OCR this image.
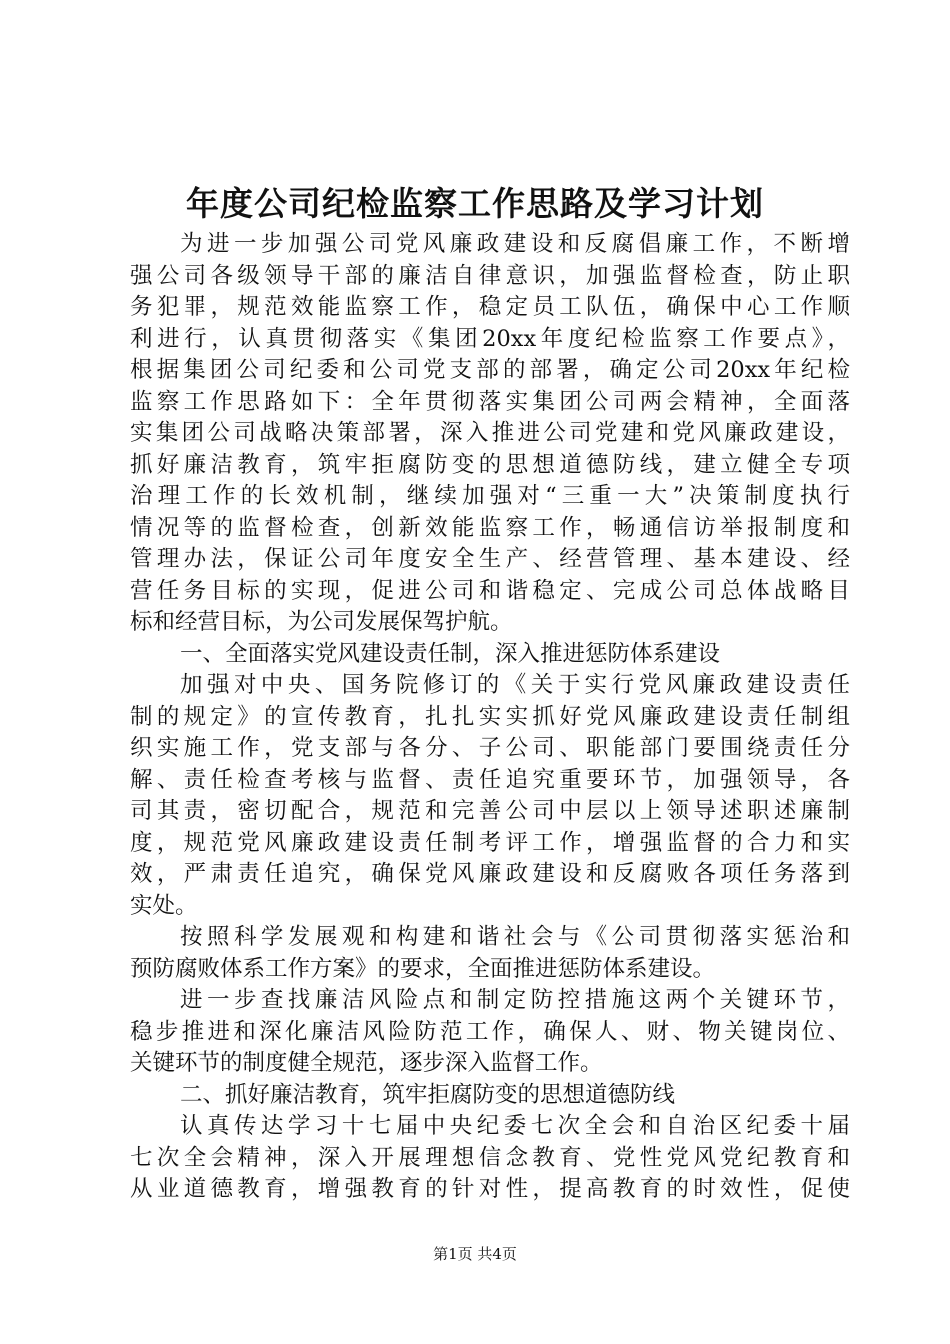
年度公司纪检监察工作思路及学习计划
为进一步加强公司党风廉政建设和反腐倡廉工作，不断增
强公司各级领导干部的廉洁自律意识，加强监督检查，防止职
务犯罪，规范效能监察工作，稳定员工队伍，确保中心工作顺
利进行，认真贯彻落实《集团20xx年度纪检监察工作要点》，
根据集团公司纪委和公司党支部的部署，确定公司20xx年纪检
监察工作思路如下：全年贯彻落实集团公司两会精神，全面落
实集团公司战略决策部署，深入推进公司党建和党风廉政建设，
抓好廉洁教育，筑牢拒腐防变的思想道德防线，建立健全专项
治理工作的长效机制，继续加强对“三重一大”决策制度执行
情况等的监督检查，创新效能监察工作，畅通信访举报制度和
管理办法，保证公司年度安全生产、经营管理、基本建设、经
营任务目标的实现，促进公司和谐稳定、完成公司总体战略目
标和经营目标，为公司发展保驾护航。
一、全面落实党风建设责任制，深入推进惩防体系建设
加强对中央、国务院修订的《关于实行党风廉政建设责任
制的规定》的宣传教育，扎扎实实抓好党风廉政建设责任制组
织实施工作，党支部与各分、子公司、职能部门要围绕责任分
解、责任检查考核与监督、责任追究重要环节，加强领导，各
司其责，密切配合，规范和完善公司中层以上领导述职述廉制
度，规范党风廉政建设责任制考评工作，增强监督的合力和实
效，严肃责任追究，确保党风廉政建设和反腐败各项任务落到
实处。
按照科学发展观和构建和谐社会与《公司贯彻落实惩治和
预防腐败体系工作方案》的要求，全面推进惩防体系建设。
进一步查找廉洁风险点和制定防控措施这两个关键环节，
稳步推进和深化廉洁风险防范工作，确保人、财、物关键岗位、
关键环节的制度健全规范，逐步深入监督工作。
二、抓好廉洁教育，筑牢拒腐防变的思想道德防线
认真传达学习十七届中央纪委七次全会和自治区纪委十届
七次全会精神，深入开展理想信念教育、党性党风党纪教育和
从业道德教育，增强教育的针对性，提高教育的时效性，促使
第1页 共4页
